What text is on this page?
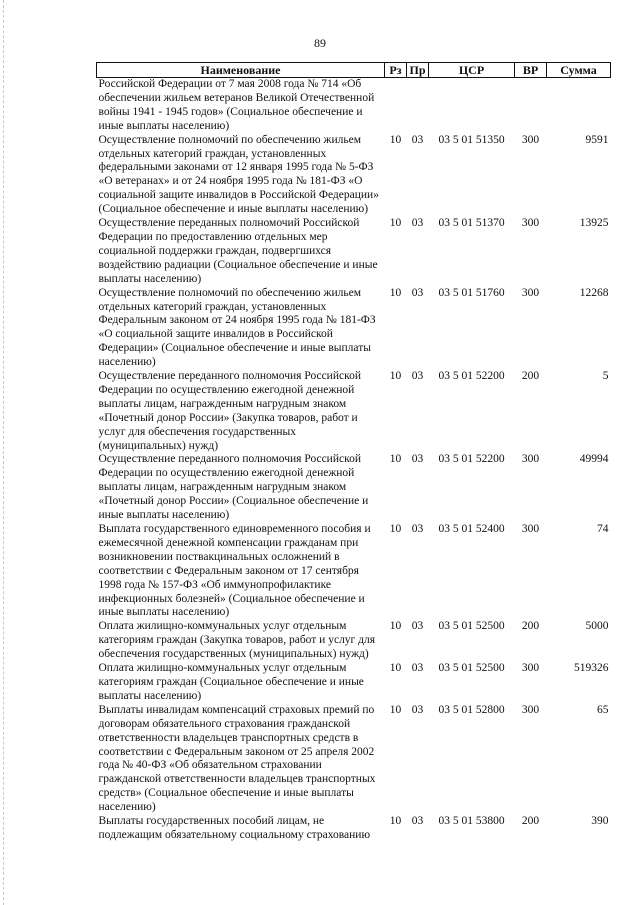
89
Наименование	Рз	Пр	ЦСР	ВР	Сумма
Российской Федерации от 7 мая 2008 года № 714 «Об обеспечении жильем ветеранов Великой Отечественной войны 1941 - 1945 годов» (Социальное обеспечение и иные выплаты населению)					
Осуществление полномочий по обеспечению жильем отдельных категорий граждан, установленных федеральными законами от 12 января 1995 года № 5-ФЗ «О ветеранах» и от 24 ноября 1995 года № 181-ФЗ «О социальной защите инвалидов в Российской Федерации» (Социальное обеспечение и иные выплаты населению)	10	03	03 5 01 51350	300	9591
Осуществление переданных полномочий Российской Федерации по предоставлению отдельных мер социальной поддержки граждан, подвергшихся воздействию радиации (Социальное обеспечение и иные выплаты населению)	10	03	03 5 01 51370	300	13925
Осуществление полномочий по обеспечению жильем отдельных категорий граждан, установленных Федеральным законом от 24 ноября 1995 года № 181-ФЗ «О социальной защите инвалидов в Российской Федерации» (Социальное обеспечение и иные выплаты населению)	10	03	03 5 01 51760	300	12268
Осуществление переданного полномочия Российской Федерации по осуществлению ежегодной денежной выплаты лицам, награжденным нагрудным знаком «Почетный донор России» (Закупка товаров, работ и услуг для обеспечения государственных (муниципальных) нужд)	10	03	03 5 01 52200	200	5
Осуществление переданного полномочия Российской Федерации по осуществлению ежегодной денежной выплаты лицам, награжденным нагрудным знаком «Почетный донор России» (Социальное обеспечение и иные выплаты населению)	10	03	03 5 01 52200	300	49994
Выплата государственного единовременного пособия и ежемесячной денежной компенсации гражданам при возникновении поствакцинальных осложнений в соответствии с Федеральным законом от 17 сентября 1998 года № 157-ФЗ «Об иммунопрофилактике инфекционных болезней» (Социальное обеспечение и иные выплаты населению)	10	03	03 5 01 52400	300	74
Оплата жилищно-коммунальных услуг отдельным категориям граждан (Закупка товаров, работ и услуг для обеспечения государственных (муниципальных) нужд)	10	03	03 5 01 52500	200	5000
Оплата жилищно-коммунальных услуг отдельным категориям граждан (Социальное обеспечение и иные выплаты населению)	10	03	03 5 01 52500	300	519326
Выплаты инвалидам компенсаций страховых премий по договорам обязательного страхования гражданской ответственности владельцев транспортных средств в соответствии с Федеральным законом от 25 апреля 2002 года № 40-ФЗ «Об обязательном страховании гражданской ответственности владельцев транспортных средств» (Социальное обеспечение и иные выплаты населению)	10	03	03 5 01 52800	300	65
Выплаты государственных пособий лицам, не подлежащим обязательному социальному страхованию	10	03	03 5 01 53800	200	390
